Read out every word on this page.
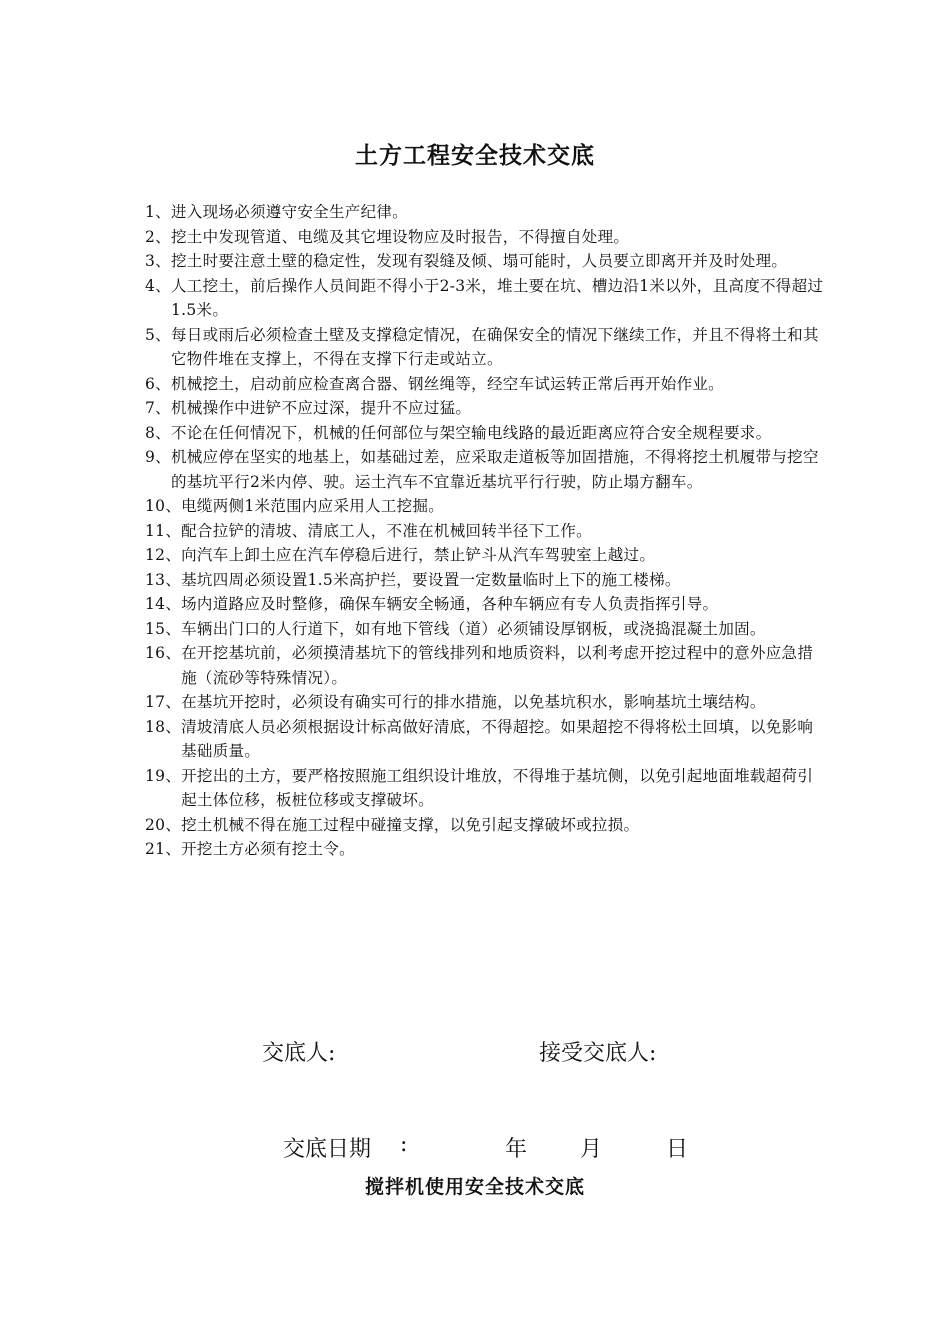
土方工程安全技术交底
1、 进入现场必须遵守安全生产纪律。
2、 挖土中发现管道、电缆及其它埋设物应及时报告，不得擅自处理。
3、挖土时要注意土壁的稳定性，发现有裂缝及倾、塌可能时，人员要立即离开并及时处理。
4、 人工挖土，前后操作人员间距不得小于2-3米，堆土要在坑、槽边沿1米以外，且高度不得超过1.5米。
5、 每日或雨后必须检查土壁及支撑稳定情况，在确保安全的情况下继续工作，并且不得将土和其它物件堆在支撑上，不得在支撑下行走或站立。
6、 机械挖土，启动前应检查离合器、钢丝绳等，经空车试运转正常后再开始作业。
7、 机械操作中进铲不应过深，提升不应过猛。
8、 不论在任何情况下，机械的任何部位与架空输电线路的最近距离应符合安全规程要求。
9、 机械应停在坚实的地基上，如基础过差，应采取走道板等加固措施，不得将挖土机履带与挖空的基坑平行2米内停、驶。运土汽车不宜靠近基坑平行行驶，防止塌方翻车。
10、 电缆两侧1米范围内应采用人工挖掘。
11、 配合拉铲的清坡、清底工人，不准在机械回转半径下工作。
12、 向汽车上卸土应在汽车停稳后进行，禁止铲斗从汽车驾驶室上越过。
13、 基坑四周必须设置1.5米高护拦，要设置一定数量临时上下的施工楼梯。
14、 场内道路应及时整修，确保车辆安全畅通，各种车辆应有专人负责指挥引导。
15、车辆出门口的人行道下，如有地下管线（道）必须铺设厚钢板，或浇捣混凝土加固。
16、 在开挖基坑前，必须摸清基坑下的管线排列和地质资料，以利考虑开挖过程中的意外应急措施（流砂等特殊情况）。
17、在基坑开挖时，必须设有确实可行的排水措施，以免基坑积水，影响基坑土壤结构。
18、 清坡清底人员必须根据设计标高做好清底，不得超挖。如果超挖不得将松土回填，以免影响基础质量。
19、 开挖出的土方，要严格按照施工组织设计堆放，不得堆于基坑侧，以免引起地面堆载超荷引起土体位移，板桩位移或支撑破坏。
20、 挖土机械不得在施工过程中碰撞支撑，以免引起支撑破坏或拉损。
21、 开挖土方必须有挖土令。
交底人:	接受交底人:
交底日期 :	年 月	日
搅拌机使用安全技术交底
